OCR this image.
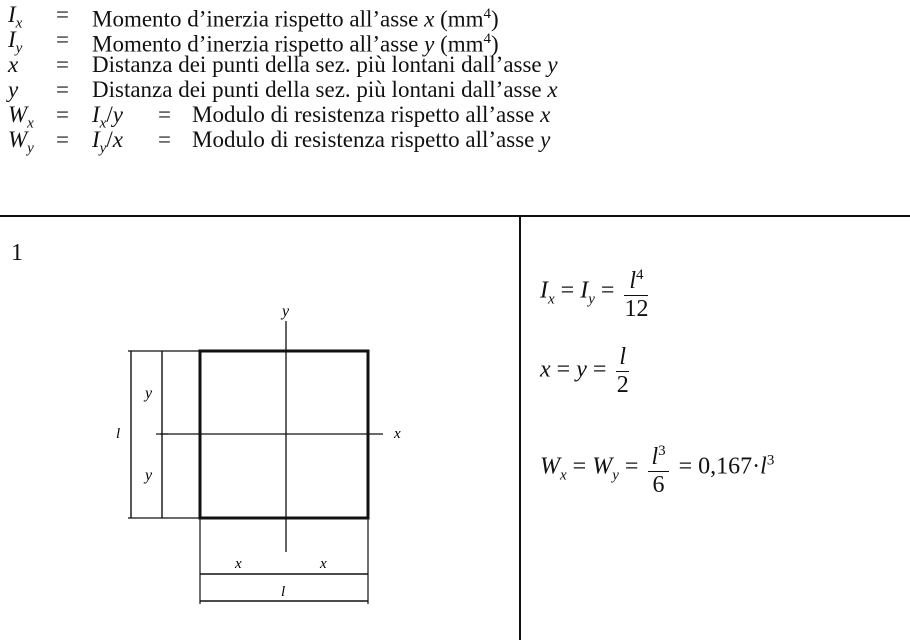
$I_x$ = Momento d’inerzia rispetto all’asse x $(mm^4)$
$I_y$ = Momento d’inerzia rispetto all’asse y $(mm^4)$
x = Distanza dei punti della sez. più lontani dall’asse y
y = Distanza dei punti della sez. più lontani dall’asse x
$W_x = I_x/y$ = Modulo di resistenza rispetto all’asse x
$W_y = I_y/x$ = Modulo di resistenza rispetto all’asse y
1
y
x
y
y
l
x	x
l
$I_x = I_y = \frac{l^4}{12}$
$x = y = \frac{l}{2}$
$W_x = W_y = \frac{l^3}{6} = 0,167\cdot l^3$
